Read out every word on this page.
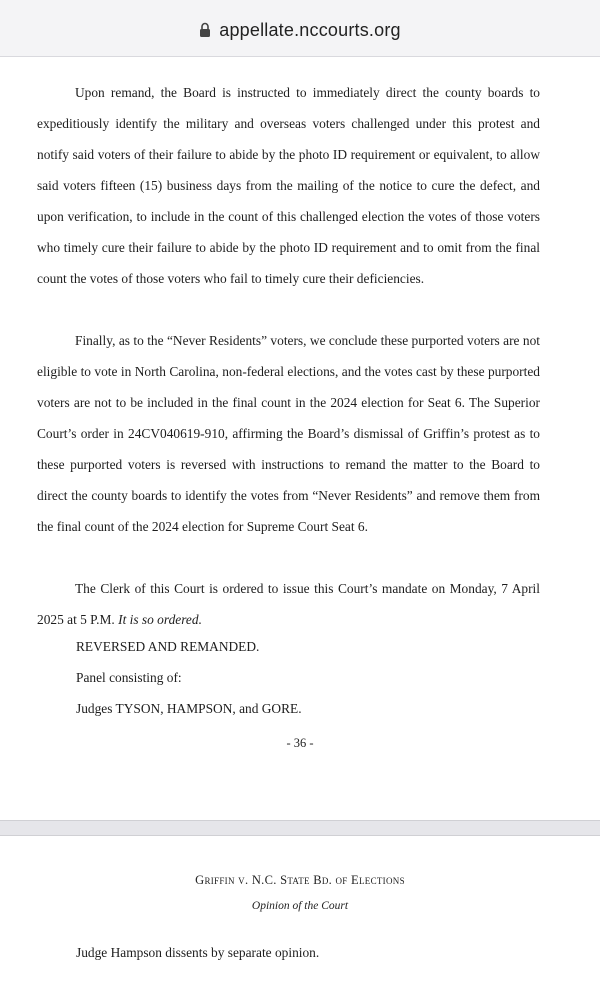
appellate.nccourts.org

Upon remand, the Board is instructed to immediately direct the county boards to expeditiously identify the military and overseas voters challenged under this protest and notify said voters of their failure to abide by the photo ID requirement or equivalent, to allow said voters fifteen (15) business days from the mailing of the notice to cure the defect, and upon verification, to include in the count of this challenged election the votes of those voters who timely cure their failure to abide by the photo ID requirement and to omit from the final count the votes of those voters who fail to timely cure their deficiencies.

Finally, as to the “Never Residents” voters, we conclude these purported voters are not eligible to vote in North Carolina, non-federal elections, and the votes cast by these purported voters are not to be included in the final count in the 2024 election for Seat 6. The Superior Court’s order in 24CV040619-910, affirming the Board’s dismissal of Griffin’s protest as to these purported voters is reversed with instructions to remand the matter to the Board to direct the county boards to identify the votes from “Never Residents” and remove them from the final count of the 2024 election for Supreme Court Seat 6.

The Clerk of this Court is ordered to issue this Court’s mandate on Monday, 7 April 2025 at 5 P.M. It is so ordered.

REVERSED AND REMANDED.
Panel consisting of:
Judges TYSON, HAMPSON, and GORE.
- 36 -
Griffin v. N.C. State Bd. of Elections
Opinion of the Court
Judge Hampson dissents by separate opinion.
